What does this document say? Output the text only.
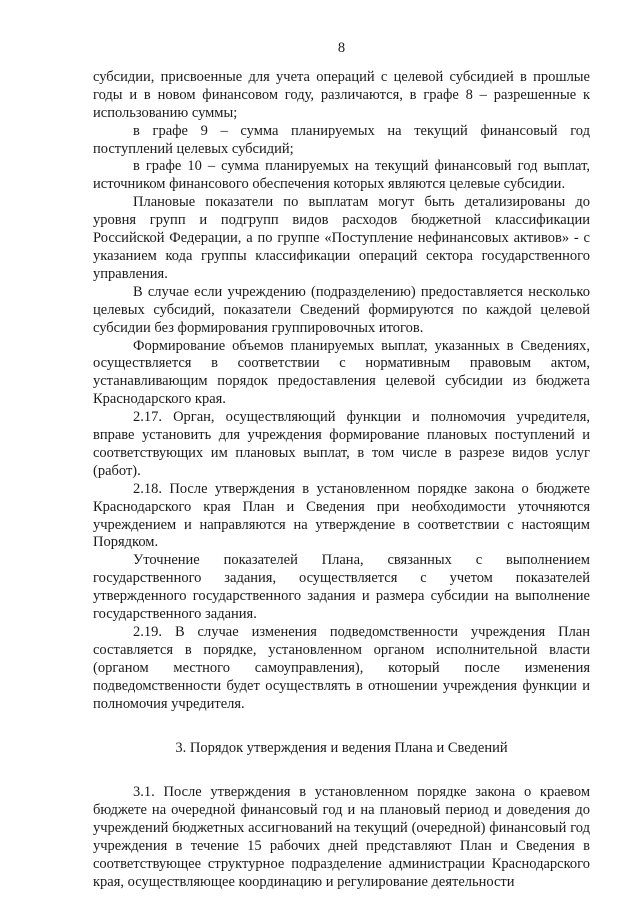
8

субсидии, присвоенные для учета операций с целевой субсидией в прошлые годы и в новом финансовом году, различаются, в графе 8 – разрешенные к использованию суммы;

в графе 9 – сумма планируемых на текущий финансовый год поступлений целевых субсидий;

в графе 10 – сумма планируемых на текущий финансовый год выплат, источником финансового обеспечения которых являются целевые субсидии.

Плановые показатели по выплатам могут быть детализированы до уровня групп и подгрупп видов расходов бюджетной классификации Российской Федерации, а по группе «Поступление нефинансовых активов» - с указанием кода группы классификации операций сектора государственного управления.

В случае если учреждению (подразделению) предоставляется несколько целевых субсидий, показатели Сведений формируются по каждой целевой субсидии без формирования группировочных итогов.

Формирование объемов планируемых выплат, указанных в Сведениях, осуществляется в соответствии с нормативным правовым актом, устанавливающим порядок предоставления целевой субсидии из бюджета Краснодарского края.

2.17. Орган, осуществляющий функции и полномочия учредителя, вправе установить для учреждения формирование плановых поступлений и соответствующих им плановых выплат, в том числе в разрезе видов услуг (работ).

2.18. После утверждения в установленном порядке закона о бюджете Краснодарского края План и Сведения при необходимости уточняются учреждением и направляются на утверждение в соответствии с настоящим Порядком.

Уточнение показателей Плана, связанных с выполнением государственного задания, осуществляется с учетом показателей утвержденного государственного задания и размера субсидии на выполнение государственного задания.

2.19. В случае изменения подведомственности учреждения План составляется в порядке, установленном органом исполнительной власти (органом местного самоуправления), который после изменения подведомственности будет осуществлять в отношении учреждения функции и полномочия учредителя.

3. Порядок утверждения и ведения Плана и Сведений

3.1. После утверждения в установленном порядке закона о краевом бюджете на очередной финансовый год и на плановый период и доведения до учреждений бюджетных ассигнований на текущий (очередной) финансовый год учреждения в течение 15 рабочих дней представляют План и Сведения в соответствующее структурное подразделение администрации Краснодарского края, осуществляющее координацию и регулирование деятельности
